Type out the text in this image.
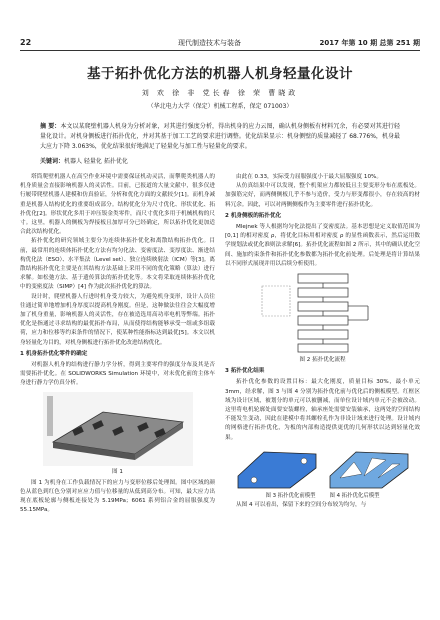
22	现代制造技术与装备	2017 年第 10 期 总第 251 期
基于拓扑优化方法的机器人机身轻量化设计
刘 欢 徐 非 党长春 徐 荣 曹晓政
（华北电力大学（保定）机械工程系，保定 071003）
摘 要：本文以某爬壁机器人机身为分析对象，对其进行强度分析，得出机身的应力云图，确认机身侧板有材料冗余，有必要对其进行轻量化设计。对机身侧板进行拓扑优化，并对其基于加工工艺的要求进行调整。优化结果显示：机身侧壁的质量减轻了 68.776%，机身最大应力下降 3.063%，优化结果很好地满足了轻量化与加工性与轻量化的要求。
关键词：机器人 轻量化 拓扑优化

塔筒爬壁机器人在高空作业环境中需要保证机动灵活，而攀爬类机器人的机身质量会直接影响机器人的灵活性。目前，已报道的大量文献中，很多仅进行履带爬壁机器人建模和仿真验证，分析和优化方面的文献较少[1]。而机身减重是机器人结构优化的重要组成部分。结构优化分为尺寸优化、形状优化、拓扑优化[2]。形状优化多用于冲压钣金类零件，而尺寸优化多用于机械机构的尺寸。这里，机器人的侧板为焊接板且加厚可分已经确定，所以拓扑优化更加适合此次结构优化。

拓扑优化的研究领域主要分为连续体拓扑优化和离散结构拓扑优化。目前，最常用的连续体拓扑优化方法有均匀化法、变密度法、变厚度法、渐进结构优化法（ESO）、水平集法（Level set）、独立连续映射法（ICM）等[3]。离散结构拓扑优化主要是在其结构方法基础上采用不同的优化策略（算法）进行求解。如松弛方法、基于遗传算法的拓扑优化等。本文将采取连续体拓扑优化中的变密度法（SIMP）[4] 作为此次拓扑优化的算法。

设计时，爬壁机器人行进时机身受力较大，为避免机身变形，设计人员往往通过简单地增加机身厚度以提高机身刚度。但是，这种做法往往会大幅度增加了机身重量，影响机器人的灵活性，存在被造选用高功率电机等弊端。拓扑优化是指通过寻求结构的最优拓扑布局，从而使得结构能够承受一组或多组载荷，应力和位移等约束条件的情况下，使某种性能指标达到最优[5]。本文以机身轻量化为目的，对机身侧板进行拓扑优化改进结构优化。

1 机身拓扑优化零件的确定

对机器人机身的结构进行静力学分析，得到主要零件的强度分布及其是否需要拓扑优化。在 SOLIDWORKS Simulation 环境中，对未优化前的主体车身进行静力学仿真分析。

图 1

图 1 为机身在工作负载情况下的应力与变形位移后处理图。图中区域的颜色从蓝色到红色分别对应应力值与位移量的从低到高分布。可知，最大应力出现在底板轮廓与侧板连接处为 5.19MPa；6061 系列铝合金的屈服强度为 55.15MPa。

由此在 0.33，实际受力屈服强度小于最大屈服强度 10%。

从仿真结果中可以发现，整个机架应力都较低且主要变形分布在底板处。加强筋完好，而两侧侧板几乎不参与造价，受力与形变都很小，存在较高的材料冗余。因此，可以对两侧侧板作为主要零件进行拓扑优化。

2 机身侧板的拓扑优化

Mlejnek 等人根据均匀化法提出了变密度法。基本思想是定义取值范围为 [0,1] 的相对密度 ρ，将优化目标用相对密度 ρ 的显性函数表示，然后运用数学规划法或优化准则法求解[6]。拓扑优化流程如图 2 所示，其中的确认优化空间、施加约束条件和拓扑优化参数都为拓扑优化前处理。后处理是将计算结果以不同形式展现并用以后续分析使用。

图 2 拓扑优化流程
3 拓扑优化结果

拓扑优化参数的设置目标：最大化刚度，质量目标 30%，最小单元 3mm，经求解，图 3 与图 4 分别为拓扑优化前与优化后的侧板模型。红框区域为设计区域，被划分的单元可以被删减，而单位设计域内单元不会被改动。这里将电机轮廓处面要安装螺栓，轴承座处需要安装轴承，这两处的空间结构不能发生变动，因此在建模中将其螺栓孔作为非设计域来进行处理。设计域内的网格进行拓扑优化，为板的内部构造提供更优的几何形状以达到轻量化效果。

图 3 拓扑优化前模型	图 4 拓扑优化后模型

从图 4 可以看出，保留下来的空间分布较为均匀，与
